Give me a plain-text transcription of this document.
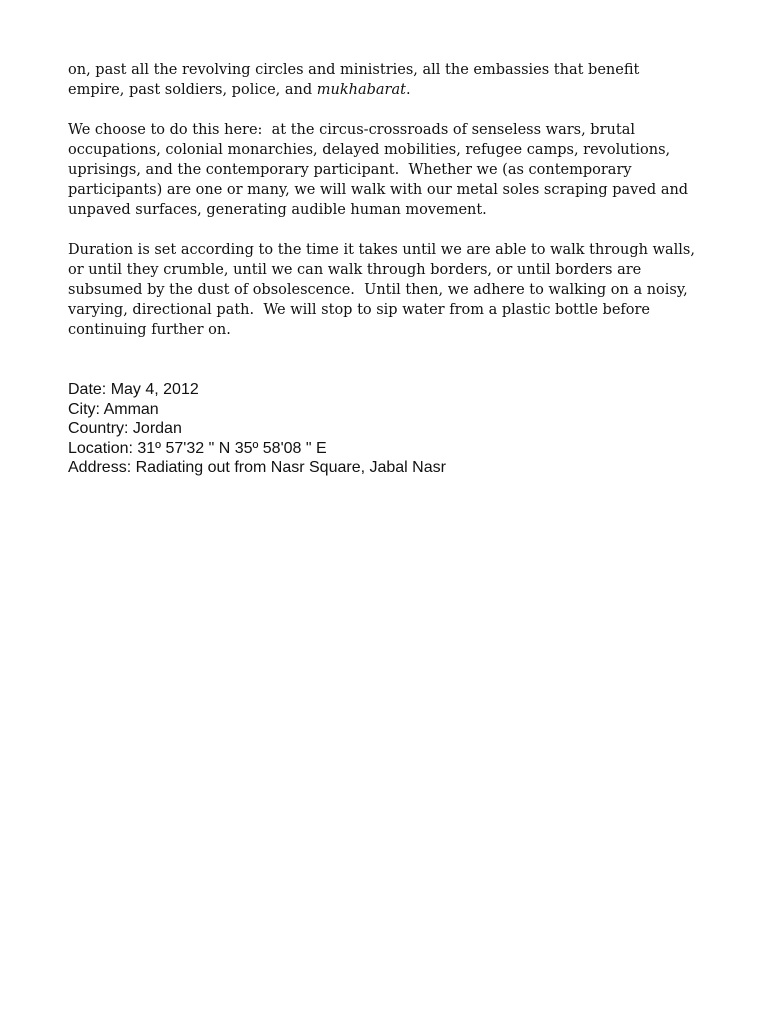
on, past all the revolving circles and ministries, all the embassies that benefit
empire, past soldiers, police, and mukhabarat.
We choose to do this here:  at the circus-crossroads of senseless wars, brutal
occupations, colonial monarchies, delayed mobilities, refugee camps, revolutions,
uprisings, and the contemporary participant.  Whether we (as contemporary
participants) are one or many, we will walk with our metal soles scraping paved and
unpaved surfaces, generating audible human movement.
Duration is set according to the time it takes until we are able to walk through walls,
or until they crumble, until we can walk through borders, or until borders are
subsumed by the dust of obsolescence.  Until then, we adhere to walking on a noisy,
varying, directional path.  We will stop to sip water from a plastic bottle before
continuing further on.
Date: May 4, 2012
City: Amman
Country: Jordan
Location: 31º 57'32 " N 35º 58'08 " E
Address: Radiating out from Nasr Square, Jabal Nasr
